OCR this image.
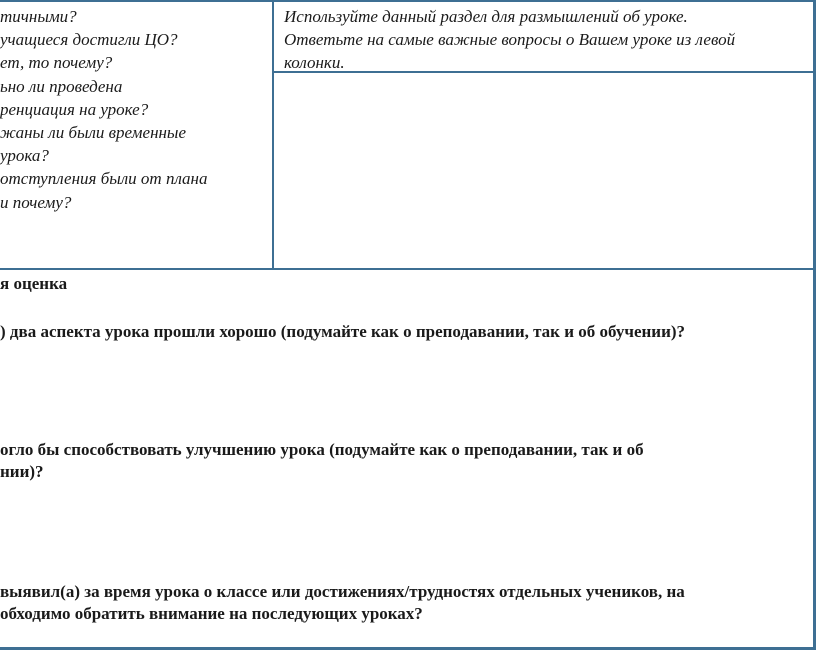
тичными?
учащиеся достигли ЦО?
ет, то почему?
ьно ли проведена
ренциация на уроке?
жаны ли были временные
урока?
отступления были от плана
и почему?
Используйте данный раздел для размышлений об уроке.
Ответьте на самые важные вопросы о Вашем уроке из левой
колонки.
я оценка
) два аспекта урока прошли хорошо (подумайте как о преподавании, так и об обучении)?
огло бы способствовать улучшению урока (подумайте как о преподавании, так и об
нии)?
выявил(а) за время урока о классе или достижениях/трудностях отдельных учеников, на
обходимо обратить внимание на последующих уроках?
